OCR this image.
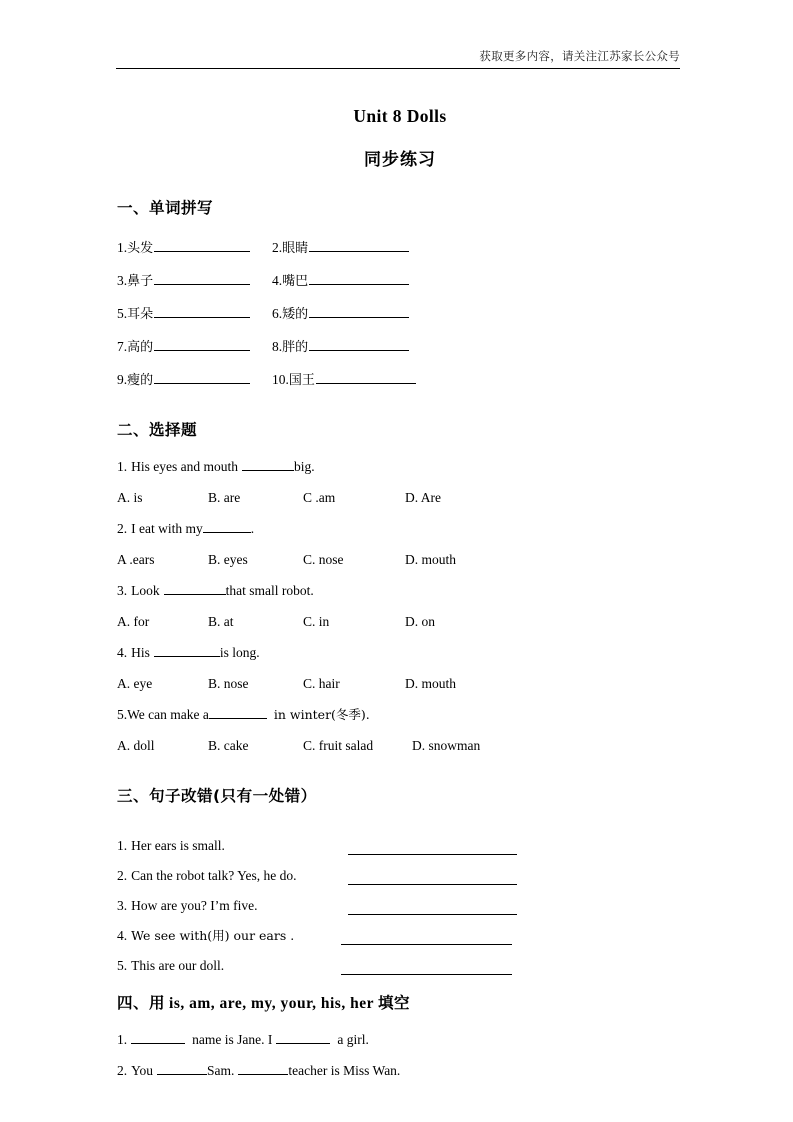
获取更多内容，请关注江苏家长公众号
Unit 8 Dolls
同步练习
一、单词拼写
1. 头发	2. 眼睛
3. 鼻子	4. 嘴巴
5. 耳朵	6. 矮的
7. 高的	8. 胖的
9. 瘦的	10. 国王
二、选择题
1. His eyes and mouth	big.
A. is	B. are	C .am	D. Are
2. I eat with my	.
A .ears	B. eyes	C. nose	D. mouth
3. Look	that small robot.
A. for	B. at	C. in	D. on
4. His	is long.
A. eye	B. nose	C. hair	D. mouth
5. We can make a	in winter(冬季).
A. doll	B. cake	C. fruit salad	D. snowman
三、句子改错(只有一处错）
1. Her ears is small.
2. Can the robot talk? Yes, he do.
3. How are you? I’m five.
4. We see with(用) our ears .
5. This are our doll.
四、用 is, am, are, my, your, his, her 填空
1.	name is Jane. I	a girl.
2. You	Sam.	teacher is Miss Wan.
